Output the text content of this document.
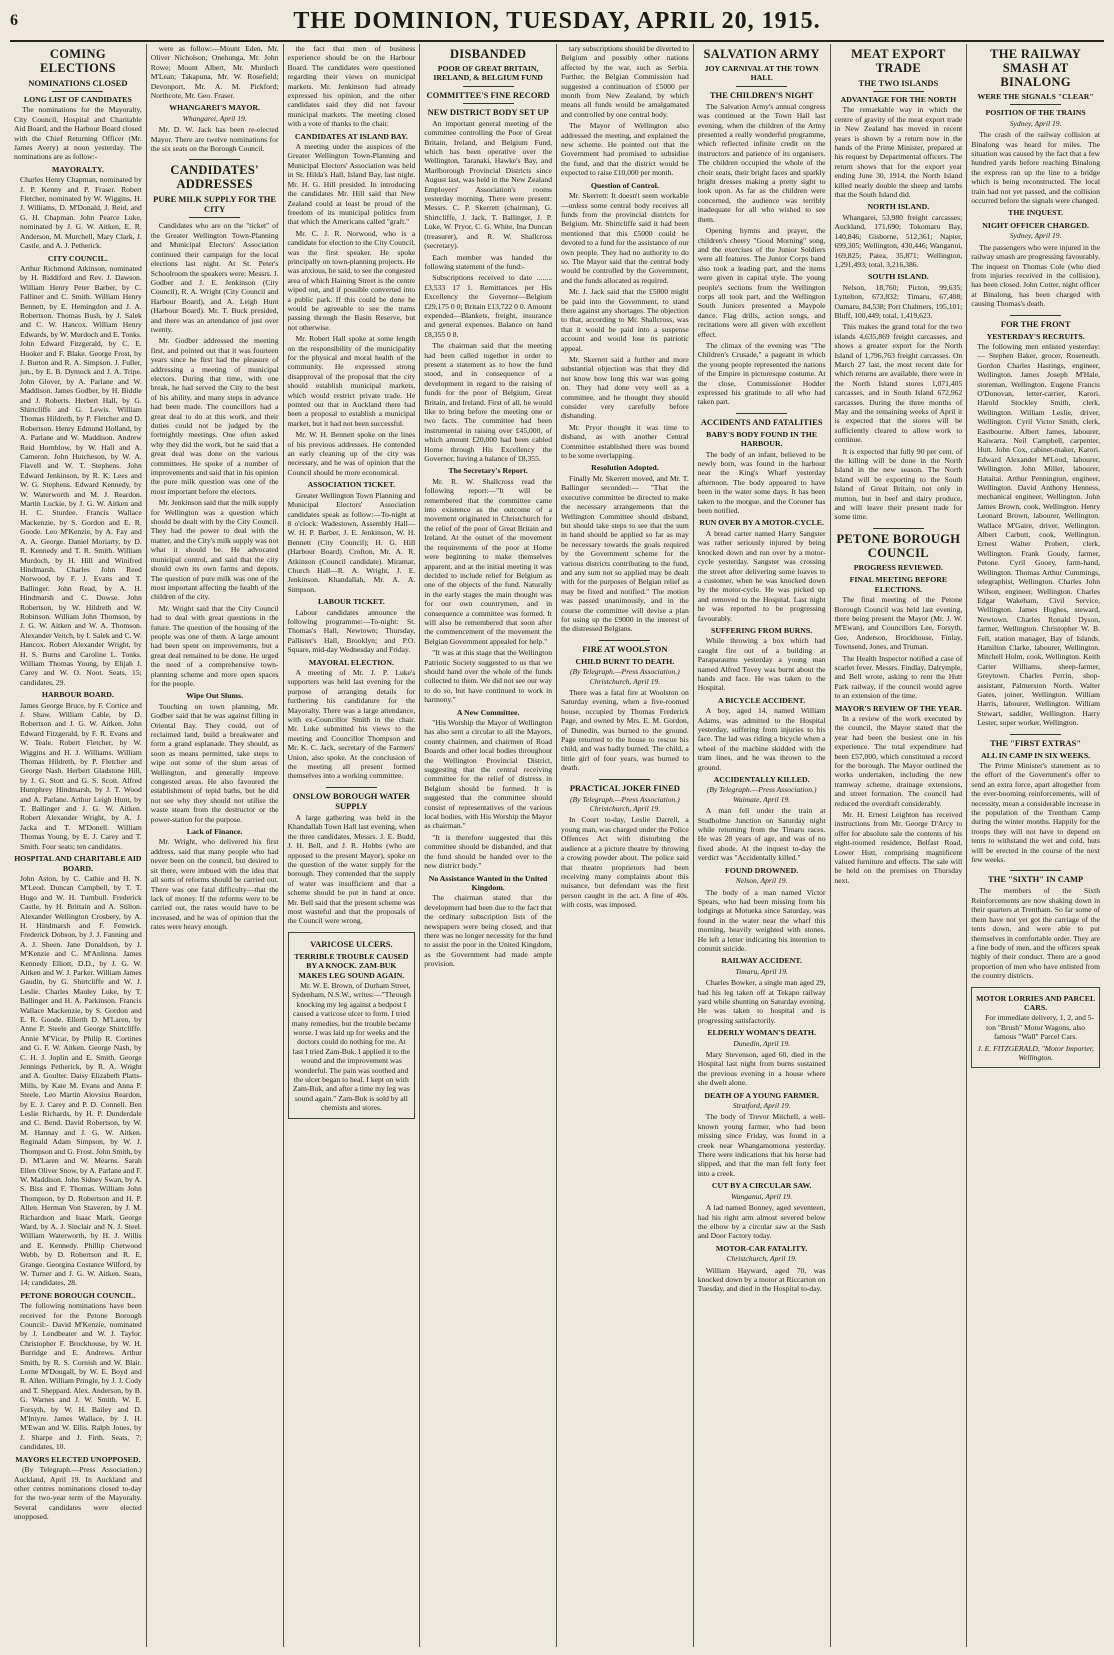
6	THE DOMINION, TUESDAY, APRIL 20, 1915.
COMING ELECTIONS
NOMINATIONS CLOSED
LONG LIST OF CANDIDATES

The nominations for the Mayoralty, City Council, Hospital and Charitable Aid Board, and the Harbour Board closed with the Chief Returning Officer (Mr. James Avery) at noon yesterday. The nominations are as follow:-

MAYORALTY.

Charles Henry Chapman, nominated by J. P. Kenny and P. Fraser. Robert Fletcher, nominated by W. Wiggins, H. J. Williams, D. M'Donald, J. Reid, and G. H. Chapman. John Pearce Luke, nominated by J. G. W. Aitken, E. R. Anderson, M. Murchell, Mary Clark, J. Castle, and A. J. Petherick.

CITY COUNCIL.

Arthur Richmond Atkinson, nominated by H. Riddiford and Rev. J. Dawson. William Henry Peter Barber, by C. Falliner and C. Smith. William Henry Bennett, by E. Hemingdon and J. A. Robertson. Thomas Bush, by J. Salek and C. W. Hancox. William Henry Edwards, by W. Murdoch and E. Tonks. John Edward Fitzgerald, by C. E. Hooker and F. Blake. George Frost, by J. Burton and R. A. Simpson. J. Fuller, jun., by E. B. Dymock and J. A. Tripe. John Glover, by A. Parlane and W. Maddison. James Godber, by H. Biddle and J. Roberts. Herbert Hall, by G. Shirtcliffe and G. Lewis. William Thomas Hildreth, by P. Fletcher and D. Robertson. Henry Edmund Holland, by A. Parlane and W. Maddison. Andrew Reid Hornblow, by W. Hall and A. Cameron. John Hutcheson, by W. A. Flavell and W. T. Stephens. John Edward Jenkinson, by R. K. Lees and W. G. Stephens. Edward Kennedy, by W. Waterworth and M. J. Reardon. Martin Luckie, by J. G. W. Aitken and H. C. Sturdee. Francis Wallace Mackenzie, by S. Gordon and E. R. Goode. Leo M'Kenzie, by A. Fay and A. A. George. Daniel Moriarty, by D. R. Kennedy and T. R. Smith. William Murdoch, by H. Hill and Winifred Hindmarsh. Charles John Reed Norwood, by F. J. Evans and T. Ballinger. John Read, by A. H. Hindmarsh and C. Dowse. John Robertson, by W. Hildreth and W. Robinson. William John Thomson, by J. G. W. Aitken and W. A. Thomson. Alexander Veitch, by I. Salek and C. W. Hancox. Robert Alexander Wright, by H. S. Burns and Caroline L. Tonks. William Thomas Young, by Elijah J. Carey and W. O. Noot. Seats, 15; candidates, 29.

HARBOUR BOARD.

James George Bruce, by F. Cortice and J. Shaw. William Cable, by D. Robertson and J. G. W. Aitken. John Edward Fitzgerald, by F. R. Evans and W. Teale. Robert Fletcher, by W. Wiggins and H. J. Williams. William Thomas Hildreth, by P. Fletcher and George Nash. Herbert Gladstone Hill, by J. G. Stott and G. S. Scott. Alfred Humphrey Hindmarsh, by J. T. Wood and A. Parlane. Arthur Leigh Hunt, by T. Ballinger and J. G. W. Aitken. Robert Alexander Wright, by A. J. Jacka and T. M'Donell. William Thomas Young, by E. J. Carey and T. Smith. Four seats; ten candidates.

HOSPITAL AND CHARITABLE AID BOARD.

John Aston, by C. Cathie and H. N. M'Leod. Duncan Campbell, by T. T. Hugo and W. H. Turnbull. Frederick Castle, by H. Brittain and A. Stilton. Alexander Wellington Crosbery, by A. H. Hindmarsh and F. Fenwick. Frederick Dobson, by J. J. Fanning and A. J. Sheen. Jane Donaldson, by J. M'Kenzie and C. M'Anlinna. James Kennedy Elliott, D.D., by J. G. W. Aitken and W. J. Parker. William James Gaudin, by G. Shirtcliffe and W. J. Leslie. Charles Mauley Luke, by T. Ballinger and H. A. Parkinson. Francis Wallace Mackenzie, by S. Gordon and E. R. Goode. Ellerth D. M'Laren, by Anne P. Steele and George Shirtcliffe. Annie M'Vicar, by Philip R. Cortines and G. F. W. Aitken. George Nash, by C. H. J. Joplin and E. Smith. George Jennings Petherick, by R. A. Wright and A. Goulter. Daisy Elizabeth Platts-Mills, by Kate M. Evans and Anna P. Steele. Leo Martin Alovsius Reardon, by E. J. Carey and P. D. Connell. Ben Leslie Richards, by H. P. Dunderdale and C. Bend. David Robertson, by W. M. Hannay and J. G. W. Aitken. Reginald Adam Simpson, by W. J. Thompson and G. Frost. John Smith, by D. M'Laren and W. Mearns. Sarah Ellen Oliver Snow, by A. Parlane and F. W. Maddison. John Sidney Swan, by A. S. Biss and F. Thomas. William John Thompson, by D. Robertson and H. P. Allen. Herman Von Staveren, by J. M. Richardson and Isaac Mark. George Ward, by A. J. Sinclair and N. J. Steel. William Waterworth, by H. J. Willis and E. Kennedy. Phillip Chetwood Webb, by D. Robertson and R. E. Grange. Georgina Costance Wilford, by W. Turner and J. G. W. Aitken. Seats, 14; candidates, 28.

PETONE BOROUGH COUNCIL.

The following nominations have been received for the Petone Borough Council:- David M'Kenzie, nominated by J. Lendbeater and W. J. Taylor. Christopher F. Brockhouse, by W. H. Burridge and E. Andrews. Arthur Smith, by R. S. Cornish and W. Blair. Lorne M'Dougall, by W. E. Boyd and R. Allen. William Pringle, by J. J. Cody and T. Sheppard. Alex. Anderson, by B. G. Warnes and J. W. Smith. W. E. Forsyth, by W. H. Bailey and D. M'Intyre. James Wallace, by J. H. M'Ewan and W. Ellis. Ralph Jones, by J. Sharpe and J. Firth. Seats, 7; candidates, 10.

MAYORS ELECTED UNOPPOSED.

(By Telegraph.—Press Association.) Auckland, April 19. In Auckland and other centres nominations closed to-day for the two-year term of the Mayoralty. Several candidates were elected unopposed.

were as follow:—Mount Eden, Mr. Oliver Nicholson; Onehunga, Mr. John Rowe; Mount Albert, Mr. Murdoch M'Lean; Takapuna, Mr. W. Rosefield; Devonport, Mr. A. M. Pickford; Northcote, Mr. Geo. Fraser.

WHANGAREI'S MAYOR.

Whangarei, April 19.

Mr. D. W. Jack has been re-elected Mayor. There are twelve nominations for the six seats on the Borough Council.

CANDIDATES' ADDRESSES
PURE MILK SUPPLY FOR THE CITY

Candidates who are on the "ticket" of the Greater Wellington Town-Planning and Municipal Electors' Association continued their campaign for the local elections last night. At St. Peter's Schoolroom the speakers were: Messrs. J. Godber and J. E. Jenkinson (City Council), R. A. Wright (City Council and Harbour Board), and A. Leigh Hunt (Harbour Board). Mr. T. Buck presided, and there was an attendance of just over twenty.

Mr. Godber addressed the meeting first, and pointed out that it was fourteen years since he first had the pleasure of addressing a meeting of municipal electors. During that time, with one break, he had served the City to the best of his ability, and many steps in advance had been made. The councillors had a great deal to do at this work, and their duties could not be judged by the fortnightly meetings. One often asked why they did the work, but he said that a great deal was done on the various committees. He spoke of a number of improvements and said that in his opinion the pure milk question was one of the most important before the electors.

Mr. Jenkinson said that the milk supply for Wellington was a question which should be dealt with by the City Council. They had the power to deal with the matter, and the City's milk supply was not what it should be. He advocated municipal control, and said that the city should own its own farms and depots. The question of pure milk was one of the most important affecting the health of the children of the city.

Mr. Wright said that the City Council had to deal with great questions in the future. The question of the housing of the people was one of them. A large amount had been spent on improvements, but a great deal remained to be done. He urged the need of a comprehensive town-planning scheme and more open spaces for the people.

Wipe Out Slums.

Touching on town planning, Mr. Godber said that he was against filling in Oriental Bay. They could, out of reclaimed land, build a breakwater and form a grand esplanade. They should, as soon as means permitted, take steps to wipe out some of the slum areas of Wellington, and generally improve congested areas. He also favoured the establishment of tepid baths, but he did not see why they should not utilise the waste steam from the destructor or the power-station for the purpose.

Lack of Finance.

Mr. Wright, who delivered his first address, said that many people who had never been on the council, but desired to sit there, were imbued with the idea that all sorts of reforms should be carried out. There was one fatal difficulty—that the lack of money. If the reforms were to be carried out, the rates would have to be increased, and he was of opinion that the rates were heavy enough.

the fact that men of business experience should be on the Harbour Board. The candidates were questioned regarding their views on municipal markets. Mr. Jenkinson had already expressed his opinion, and the other candidates said they did not favour municipal markets. The meeting closed with a vote of thanks to the chair.

CANDIDATES AT ISLAND BAY.

A meeting under the auspices of the Greater Wellington Town-Planning and Municipal Electors' Association was held in St. Hilda's Hall, Island Bay, last night. Mr. H. G. Hill presided. In introducing the candidates Mr. Hill said that New Zealand could at least be proud of the freedom of its municipal politics from that which the Americans called "graft."

Mr. C. J. R. Norwood, who is a candidate for election to the City Council, was the first speaker. He spoke principally on town-planning projects. He was anxious, he said, to see the congested area of which Haining Street is the centre wiped out, and if possible converted into a public park. If this could be done he would be agreeable to see the trams passing through the Basin Reserve, but not otherwise.

Mr. Robert Hall spoke at some length on the responsibility of the municipality for the physical and moral health of the community. He expressed strong disapproval of the proposal that the city should establish municipal markets, which would restrict private trade. He pointed out that in Auckland there had been a proposal to establish a municipal market, but it had not been successful.

Mr. W. H. Bennett spoke on the lines of his previous addresses. He contended an early cleaning up of the city was necessary, and he was of opinion that the Council should be more economical.

ASSOCIATION TICKET.

Greater Wellington Town Planning and Municipal Electors' Association candidates speak as follow:—To-night at 8 o'clock: Wadestown, Assembly Hall—W. H. P. Barber, J. E. Jenkinson, W. H. Bennett (City Council); H. G. Hill (Harbour Board). Crofton, Mr. A. R. Atkinson (Council candidate). Miramar, Church Hall—R. A. Wright, J. E. Jenkinson. Khandallah, Mr. A. A. Simpson.

LABOUR TICKET.

Labour candidates announce the following programme:—To-night: St. Thomas's Hall, Newtown; Thursday, Pallister's Hall, Brooklyn; and P.O. Square, mid-day Wednesday and Friday.

MAYORAL ELECTION.

A meeting of Mr. J. P. Luke's supporters was held last evening for the purpose of arranging details for furthering his candidature for the Mayoralty. There was a large attendance, with ex-Councillor Smith in the chair. Mr. Luke submitted his views to the meeting and Councillor Thompson and Mr. K. C. Jack, secretary of the Farmers' Union, also spoke. At the conclusion of the meeting all present formed themselves into a working committee.

ONSLOW BOROUGH WATER SUPPLY

A large gathering was held in the Khandallah Town Hall last evening, when the three candidates, Messrs. J. E. Budd, J. H. Bell, and J. R. Hobbs (who are opposed to the present Mayor), spoke on the question of the water supply for the borough. They contended that the supply of water was insufficient and that a scheme should be put in hand at once. Mr. Bell said that the present scheme was most wasteful and that the proposals of the Council were wrong.

VARICOSE ULCERS.
TERRIBLE TROUBLE CAUSED BY A KNOCK. ZAM-BUK MAKES LEG SOUND AGAIN.

Mr. W. E. Brown, of Durham Street, Sydenham, N.S.W., writes:—"Through knocking my leg against a bedpost I caused a varicose ulcer to form. I tried many remedies, but the trouble became worse. I was laid up for weeks and the doctors could do nothing for me. At last I tried Zam-Buk. I applied it to the wound and the improvement was wonderful. The pain was soothed and the ulcer began to heal. I kept on with Zam-Buk, and after a time my leg was sound again." Zam-Buk is sold by all chemists and stores.

DISBANDED
POOR OF GREAT BRITAIN, IRELAND, & BELGIUM FUND
COMMITTEE'S FINE RECORD
NEW DISTRICT BODY SET UP

An important general meeting of the committee controlling the Poor of Great Britain, Ireland, and Belgium Fund, which has been operative over the Wellington, Taranaki, Hawke's Bay, and Marlborough Provincial Districts since August last, was held in the New Zealand Employers' Association's rooms yesterday morning. There were present: Messrs. C. P. Skerrett (chairman), G. Shirtcliffe, J. Jack, T. Ballinger, J. P. Luke, W. Pryor, C. G. White, Ina Duncan (treasurer), and R. W. Shallcross (secretary).

Each member was handed the following statement of the fund:-

Subscriptions received to date ........ £3,533 17 1. Remittances per His Excellency the Governor—Belgium £29,175 0 0; Britain £13,722 0 0. Amount expended—Blankets, freight, insurance and general expenses. Balance on hand £8,355 0 8.

The chairman said that the meeting had been called together in order to present a statement as to how the fund stood, and in consequence of a development in regard to the raising of funds for the poor of Belgium, Great Britain, and Ireland. First of all, he would like to bring before the meeting one or two facts. The committee had been instrumental in raising over £45,000, of which amount £20,000 had been cabled Home through His Excellency the Governor, having a balance of £8,355.

The Secretary's Report.

Mr. R. W. Shallcross read the following report:—"It will be remembered that the committee came into existence as the outcome of a movement originated in Christchurch for the relief of the poor of Great Britain and Ireland. At the outset of the movement the requirements of the poor at Home were beginning to make themselves apparent, and at the initial meeting it was decided to include relief for Belgium as one of the objects of the fund. Naturally in the early stages the main thought was for our own countrymen, and in consequence a committee was formed. It will also be remembered that soon after the commencement of the movement the Belgian Government appealed for help."

"It was at this stage that the Wellington Patriotic Society suggested to us that we should hand over the whole of the funds collected to them. We did not see our way to do so, but have continued to work in harmony."

A New Committee.

"His Worship the Mayor of Wellington has also sent a circular to all the Mayors, county chairmen, and chairmen of Road Boards and other local bodies throughout the Wellington Provincial District, suggesting that the central receiving committee for the relief of distress in Belgium should be formed. It is suggested that the committee should consist of representatives of the various local bodies, with His Worship the Mayor as chairman."

"It is therefore suggested that this committee should be disbanded, and that the fund should be handed over to the new district body."

No Assistance Wanted in the United Kingdom.

The chairman stated that the development had been due to the fact that the ordinary subscription lists of the newspapers were being closed, and that there was no longer necessity for the fund to assist the poor in the United Kingdom, as the Government had made ample provision.

tary subscriptions should be diverted to Belgium and possibly other nations affected by the war, such as Serbia. Further, the Belgian Commission had suggested a continuation of £5000 per month from New Zealand, by which means all funds would be amalgamated and controlled by one central body.

The Mayor of Wellington also addressed the meeting, and explained the new scheme. He pointed out that the Government had promised to subsidise the fund, and that the district would be expected to raise £10,000 per month.

Question of Control.

Mr. Skerrett: It doesn't seem workable—unless some central body receives all funds from the provincial districts for Belgium. Mr. Shirtcliffe said it had been mentioned that this £5000 could be devoted to a fund for the assistance of our own people. They had no authority to do so. The Mayor said that the central body would be controlled by the Government, and the funds allocated as required.

Mr. J. Jack said that the £5000 might be paid into the Government, to stand there against any shortages. The objection to that, according to Mr. Shallcross, was that it would be paid into a suspense account and would lose its patriotic appeal.

Mr. Skerrett said a further and more substantial objection was that they did not know how long this war was going on. They had done very well as a committee, and he thought they should consider very carefully before disbanding.

Mr. Pryor thought it was time to disband, as with another Central Committee established there was bound to be some overlapping.

Resolution Adopted.

Finally Mr. Skerrett moved, and Mr. T. Ballinger seconded:— "That the executive committee be directed to make the necessary arrangements that the Wellington Committee should disband, but should take steps to see that the sum in hand should be applied so far as may be necessary towards the goals required by the Government scheme for the various districts contributing to the fund, and any sum not so applied may be dealt with for the purposes of Belgian relief as may be fixed and notified." The motion was passed unanimously, and in the course the committee will devise a plan for using up the £9000 in the interest of the distressed Belgians.

FIRE AT WOOLSTON
CHILD BURNT TO DEATH.

(By Telegraph.—Press Association.) Christchurch, April 19.

There was a fatal fire at Woolston on Saturday evening, when a five-roomed house, occupied by Thomas Frederick Page, and owned by Mrs. E. M. Gordon, of Dunedin, was burned to the ground. Page returned to the house to rescue his child, and was badly burned. The child, a little girl of four years, was burned to death.

PRACTICAL JOKER FINED

(By Telegraph.—Press Association.) Christchurch, April 19.

In Court to-day, Leslie Darrell, a young man, was charged under the Police Offences Act with disturbing the audience at a picture theatre by throwing a crowing powder about. The police said that theatre proprietors had been receiving many complaints about this nuisance, but defendant was the first person caught in the act. A fine of 40s. with costs, was imposed.

SALVATION ARMY
JOY CARNIVAL AT THE TOWN HALL
THE CHILDREN'S NIGHT

The Salvation Army's annual congress was continued at the Town Hall last evening, when the children of the Army presented a really wonderful programme, which reflected infinite credit on the instructors and patience of its organisers. The children occupied the whole of the choir seats, their bright faces and sparkly bright dresses making a pretty sight to look upon. As far as the children were concerned, the audience was terribly inadequate for all who wished to see them.

Opening hymns and prayer, the children's cheery "Good Morning" song, and the exercises of the Junior Soldiers were all features. The Junior Corps band also took a leading part, and the items were given in capital style. The young people's sections from the Wellington corps all took part, and the Wellington South Juniors presented a Maypole dance. Flag drills, action songs, and recitations were all given with excellent effect.

The climax of the evening was "The Children's Crusade," a pageant in which the young people represented the nations of the Empire in picturesque costume. At the close, Commissioner Hodder expressed his gratitude to all who had taken part.

ACCIDENTS AND FATALITIES
BABY'S BODY FOUND IN THE HARBOUR.

The body of an infant, believed to be newly born, was found in the harbour near the King's Wharf yesterday afternoon. The body appeared to have been in the water some days. It has been taken to the morgue, and the Coroner has been notified.

RUN OVER BY A MOTOR-CYCLE.

A bread carter named Harry Sangster was rather seriously injured by being knocked down and run over by a motor-cycle yesterday. Sangster was crossing the street after delivering some loaves to a customer, when he was knocked down by the motor-cycle. He was picked up and removed to the Hospital. Last night he was reported to be progressing favourably.

SUFFERING FROM BURNS.

While throwing a box which had caught fire out of a building at Paraparaumu yesterday a young man named Alfred Tovey was burnt about the hands and face. He was taken to the Hospital.

A BICYCLE ACCIDENT.

A boy, aged 14, named William Adams, was admitted to the Hospital yesterday, suffering from injuries to his face. The lad was riding a bicycle when a wheel of the machine skidded with the tram lines, and he was thrown to the ground.

ACCIDENTALLY KILLED.

(By Telegraph.—Press Association.) Waimate, April 19.

A man fell under the train at Studholme Junction on Saturday night while returning from the Timaru races. He was 28 years of age, and was of no fixed abode. At the inquest to-day the verdict was "Accidentally killed."

FOUND DROWNED.

Nelson, April 19.

The body of a man named Victor Spears, who had been missing from his lodgings at Motueka since Saturday, was found in the water near the wharf this morning, heavily weighted with stones. He left a letter indicating his intention to commit suicide.

RAILWAY ACCIDENT.

Timaru, April 19.

Charles Bowker, a single man aged 29, had his leg taken off at Tekapo railway yard while shunting on Saturday evening. He was taken to hospital and is progressing satisfactorily.

ELDERLY WOMAN'S DEATH.

Dunedin, April 19.

Mary Stevenson, aged 60, died in the Hospital last night from burns sustained the previous evening in a house where she dwelt alone.

DEATH OF A YOUNG FARMER.

Stratford, April 19.

The body of Trevor Mitchell, a well-known young farmer, who had been missing since Friday, was found in a creek near Whangamomona yesterday. There were indications that his horse had slipped, and that the man fell forty feet into a creek.

CUT BY A CIRCULAR SAW.

Wanganui, April 19.

A lad named Bonney, aged seventeen, had his right arm almost severed below the elbow by a circular saw at the Sash and Door Factory today.

MOTOR-CAR FATALITY.

Christchurch, April 19.

William Hayward, aged 70, was knocked down by a motor at Riccarton on Tuesday, and died in the Hospital to-day.

MEAT EXPORT TRADE
THE TWO ISLANDS
ADVANTAGE FOR THE NORTH

The remarkable way in which the centre of gravity of the meat export trade in New Zealand has moved in recent years is shown by a return now in the hands of the Prime Minister, prepared at his request by Departmental officers. The return shows that for the export year ending June 30, 1914, the North Island killed nearly double the sheep and lambs that the South Island did.

NORTH ISLAND.

Whangarei, 53,980 freight carcasses; Auckland, 171,690; Tokomaru Bay, 140,846; Gisborne, 512,361; Napier, 699,305; Wellington, 430,446; Wanganui, 169,825; Patea, 35,871; Wellington, 1,291,493; total, 3,216,386.

SOUTH ISLAND.

Nelson, 18,760; Picton, 99,635; Lyttelton, 673,832; Timaru, 67,408; Oamaru, 84,538; Port Chalmers, 195,101; Bluff, 100,449; total, 1,419,623.

This makes the grand total for the two islands 4,635,869 freight carcasses, and shows a greater export for the North Island of 1,796,763 freight carcasses. On March 27 last, the most recent date for which returns are available, there were in the North Island stores 1,071,405 carcasses, and in South Island 672,962 carcasses. During the three months of May and the remaining weeks of April it is expected that the stores will be sufficiently cleared to allow work to continue.

It is expected that fully 90 per cent. of the killing will be done in the North Island in the new season. The North Island will be exporting to the South Island of Great Britain, not only in mutton, but in beef and dairy produce, and will leave their present trade for some time.

PETONE BOROUGH COUNCIL
PROGRESS REVIEWED.
FINAL MEETING BEFORE ELECTIONS.

The final meeting of the Petone Borough Council was held last evening, there being present the Mayor (Mr. J. W. M'Ewan), and Councillors Lee, Forsyth, Gee, Anderson, Brockhouse, Finlay, Townsend, Jones, and Truman.

The Health Inspector notified a case of scarlet fever. Messrs. Findlay, Dalrymple, and Bell wrote, asking to rent the Hutt Park railway, if the council would agree to an extension of the time.

MAYOR'S REVIEW OF THE YEAR.

In a review of the work executed by the council, the Mayor stated that the year had been the busiest one in his experience. The total expenditure had been £57,000, which constituted a record for the borough. The Mayor outlined the works undertaken, including the new tramway scheme, drainage extensions, and street formation. The council had reduced the overdraft considerably.

Mr. H. Ernest Leighton has received instructions from Mr. George D'Arcy to offer for absolute sale the contents of his eight-roomed residence, Belfast Road, Lower Hutt, comprising magnificent valued furniture and effects. The sale will be held on the premises on Thursday next.

THE RAILWAY SMASH AT BINALONG
WERE THE SIGNALS "CLEAR"
POSITION OF THE TRAINS

Sydney, April 19.

The crash of the railway collision at Binalong was heard for miles. The situation was caused by the fact that a few hundred yards before reaching Binalong the express ran up the line to a bridge which is being reconstructed. The local train had not yet passed, and the collision occurred before the signals were changed.

THE INQUEST.
NIGHT OFFICER CHARGED.

Sydney, April 19.

The passengers who were injured in the railway smash are progressing favourably. The inquest on Thomas Cole (who died from injuries received in the collision), has been closed. John Cotter, night officer at Binalong, has been charged with causing Thomas's death.

FOR THE FRONT
YESTERDAY'S RECRUITS.

The following men enlisted yesterday:— Stephen Baker, grocer, Roseneath. Gordon Charles Hastings, engineer, Wellington. James Joseph M'Hale, storeman, Wellington. Eugene Francis O'Donovan, letter-carrier, Karori. Harold Stockley Smith, clerk, Wellington. William Leslie, driver, Wellington. Cyril Victor Smith, clerk, Eastbourne. Albert James, labourer, Kaiwarra. Neil Campbell, carpenter, Hutt. John Cox, cabinet-maker, Karori. Edward Alexander M'Leod, labourer, Wellington. John Miller, labourer, Hataitai. Arthur Pennington, engineer, Wellington. David Anthony Henness, mechanical engineer, Wellington. John James Brown, cook, Wellington. Henry Leonard Brown, labourer, Wellington. Wallace M'Gaire, driver, Wellington. Albert Carbutt, cook, Wellington. Ernest Walter Probert, clerk, Wellington. Frank Goudy, farmer, Petone. Cyril Gooey, farm-hand, Wellington. Thomas Arthur Cummings, telegraphist, Wellington. Charles John Wilson, engineer, Wellington. Charles Edgar Wakeham, Civil Service, Wellington. James Hughes, steward, Newtown. Charles Ronald Dyson, farmer, Wellington. Christopher W. B. Fell, station manager, Bay of Islands. Hamilton Clarke, labourer, Wellington. Mitchell Holm, cook, Wellington. Keith Carter Williams, sheep-farmer, Greytown. Charles Perrin, shop-assistant, Palmerston North. Walter Gates, joiner, Wellington. William Harris, labourer, Wellington. William Stewart, saddler, Wellington. Harry Lester, super worker, Wellington.

THE "FIRST EXTRAS"
ALL IN CAMP IN SIX WEEKS.

The Prime Minister's statement as to the effort of the Government's offer to send an extra force, apart altogether from the ever-booming reinforcements, will of necessity, mean a considerable increase in the population of the Trentham Camp during the winter months. Happily for the troops they will not have to depend on tents to withstand the wet and cold, huts will be erected in the course of the next few weeks.

THE "SIXTH" IN CAMP

The members of the Sixth Reinforcements are now shaking down in their quarters at Trentham. So far some of them have not yet got the carriage of the tents down, and were able to put themselves in comfortable order. They are a fine body of men, and the officers speak highly of their conduct. There are a good proportion of men who have enlisted from the country districts.

MOTOR LORRIES AND PARCEL CARS.

For immediate delivery, 1, 2, and 5-ton "Brush" Motor Wagons, also famous "Wall" Parcel Cars.

J. E. FITZGERALD, "Motor Importer, Wellington.
